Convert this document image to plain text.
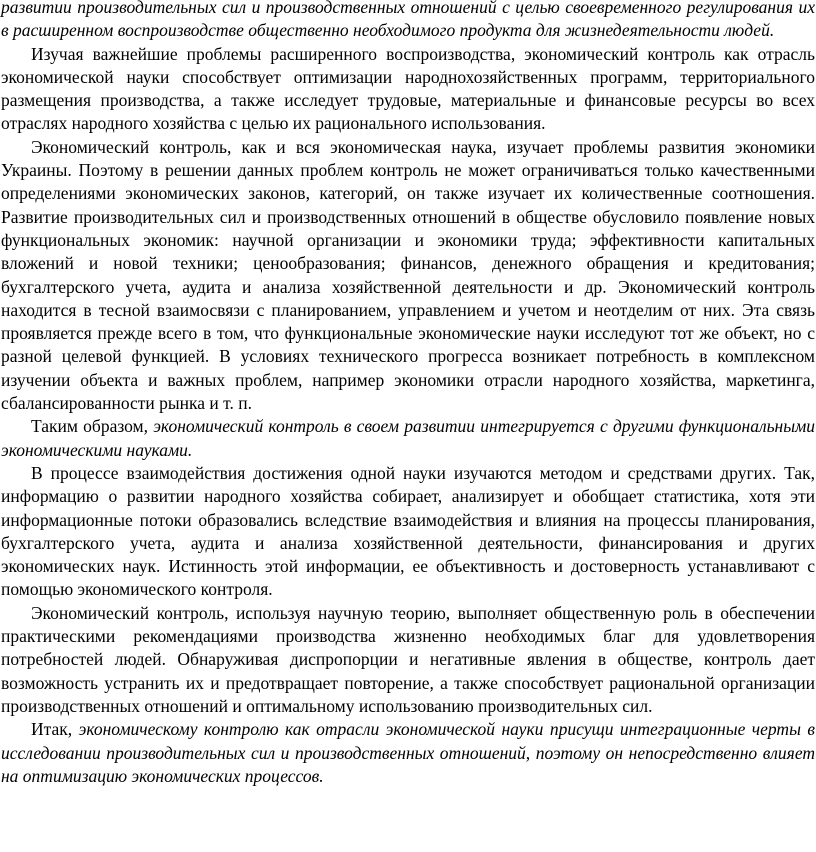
развитии производительных сил и производственных отношений с целью своевременного регулирования их в расширенном воспроизводстве общественно необходимого продукта для жизнедеятельности людей.

Изучая важнейшие проблемы расширенного воспроизводства, экономический контроль как отрасль экономической науки способствует оптимизации народнохозяйственных программ, территориального размещения производства, а также исследует трудовые, материальные и финансовые ресурсы во всех отраслях народного хозяйства с целью их рационального использования.

Экономический контроль, как и вся экономическая наука, изучает проблемы развития экономики Украины. Поэтому в решении данных проблем контроль не может ограничиваться только качественными определениями экономических законов, категорий, он также изучает их количественные соотношения. Развитие производительных сил и производственных отношений в обществе обусловило появление новых функциональных экономик: научной организации и экономики труда; эффективности капитальных вложений и новой техники; ценообразования; финансов, денежного обращения и кредитования; бухгалтерского учета, аудита и анализа хозяйственной деятельности и др. Экономический контроль находится в тесной взаимосвязи с планированием, управлением и учетом и неотделим от них. Эта связь проявляется прежде всего в том, что функциональные экономические науки исследуют тот же объект, но с разной целевой функцией. В условиях технического прогресса возникает потребность в комплексном изучении объекта и важных проблем, например экономики отрасли народного хозяйства, маркетинга, сбалансированности рынка и т. п.

Таким образом, экономический контроль в своем развитии интегрируется с другими функциональными экономическими науками.

В процессе взаимодействия достижения одной науки изучаются методом и средствами других. Так, информацию о развитии народного хозяйства собирает, анализирует и обобщает статистика, хотя эти информационные потоки образовались вследствие взаимодействия и влияния на процессы планирования, бухгалтерского учета, аудита и анализа хозяйственной деятельности, финансирования и других экономических наук. Истинность этой информации, ее объективность и достоверность устанавливают с помощью экономического контроля.

Экономический контроль, используя научную теорию, выполняет общественную роль в обеспечении практическими рекомендациями производства жизненно необходимых благ для удовлетворения потребностей людей. Обнаруживая диспропорции и негативные явления в обществе, контроль дает возможность устранить их и предотвращает повторение, а также способствует рациональной организации производственных отношений и оптимальному использованию производительных сил.

Итак, экономическому контролю как отрасли экономической науки присущи интеграционные черты в исследовании производительных сил и производственных отношений, поэтому он непосредственно влияет на оптимизацию экономических процессов.
